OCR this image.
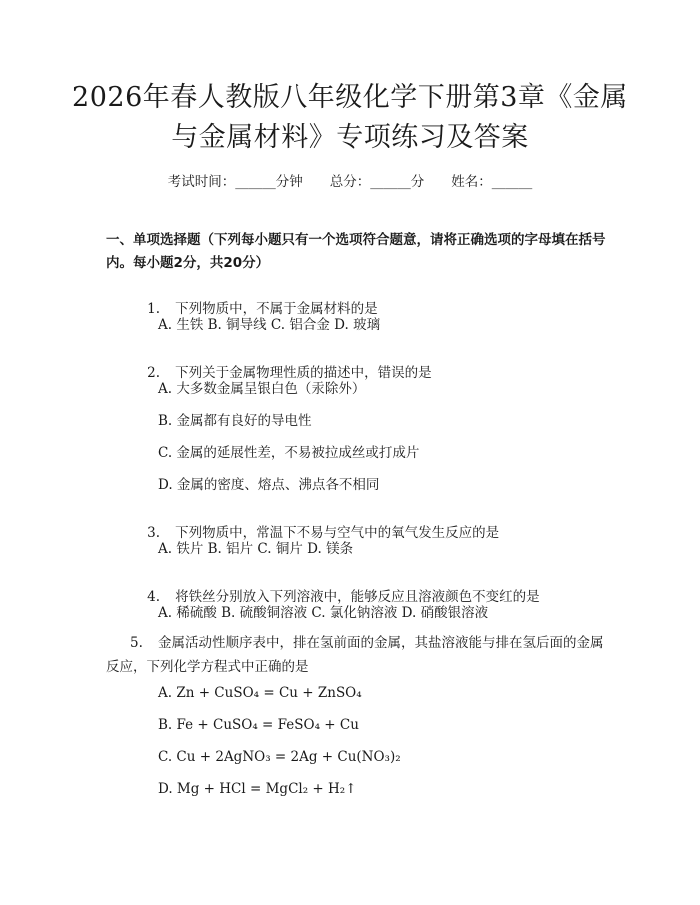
2026年春人教版八年级化学下册第3章《金属与金属材料》专项练习及答案
考试时间：______分钟　　总分：______分　　姓名：______
一、单项选择题（下列每小题只有一个选项符合题意，请将正确选项的字母填在括号内。每小题2分，共20分）

1. 下列物质中，不属于金属材料的是

A. 生铁 B. 铜导线 C. 铝合金 D. 玻璃

2. 下列关于金属物理性质的描述中，错误的是

A. 大多数金属呈银白色（汞除外）
B. 金属都有良好的导电性
C. 金属的延展性差，不易被拉成丝或打成片
D. 金属的密度、熔点、沸点各不相同

3. 下列物质中，常温下不易与空气中的氧气发生反应的是

A. 铁片 B. 铝片 C. 铜片 D. 镁条

4. 将铁丝分别放入下列溶液中，能够反应且溶液颜色不变红的是

A. 稀硫酸 B. 硫酸铜溶液 C. 氯化钠溶液 D. 硝酸银溶液
5. 金属活动性顺序表中，排在氢前面的金属，其盐溶液能与排在氢后面的金属反应，下列化学方程式中正确的是
A. Zn + CuSO₄ = Cu + ZnSO₄
B. Fe + CuSO₄ = FeSO₄ + Cu
C. Cu + 2AgNO₃ = 2Ag + Cu(NO₃)₂
D. Mg + HCl = MgCl₂ + H₂↑
